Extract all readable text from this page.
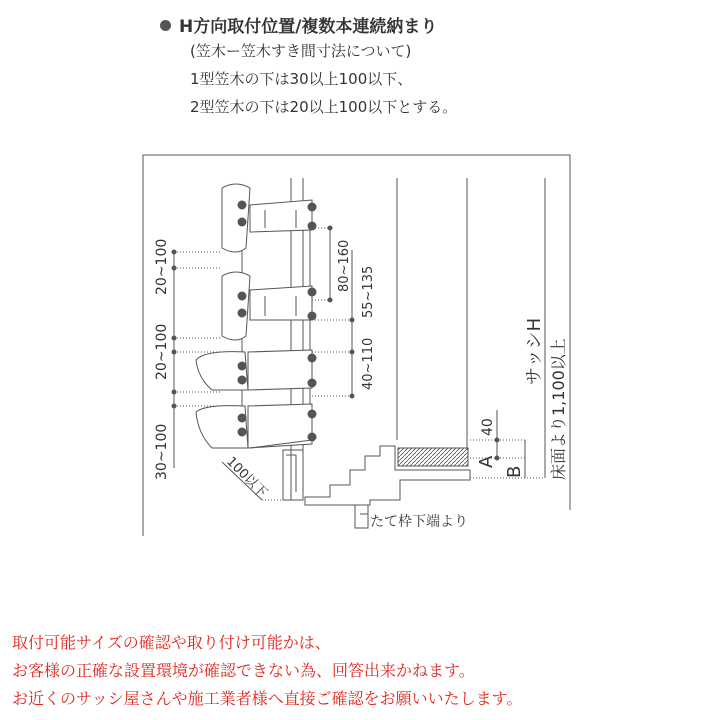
H方向取付位置/複数本連続納まり
(笠木ー笠木すき間寸法について)
1型笠木の下は30以上100以下、
2型笠木の下は20以上100以下とする。
20~100
20~100
30~100
80~160 55~135
40~110
40
A
B
サッシH 床面より1,100以上
100以下
たて枠下端より
取付可能サイズの確認や取り付け可能かは、
お客様の正確な設置環境が確認できない為、回答出来かねます。
お近くのサッシ屋さんや施工業者様へ直接ご確認をお願いいたします。
